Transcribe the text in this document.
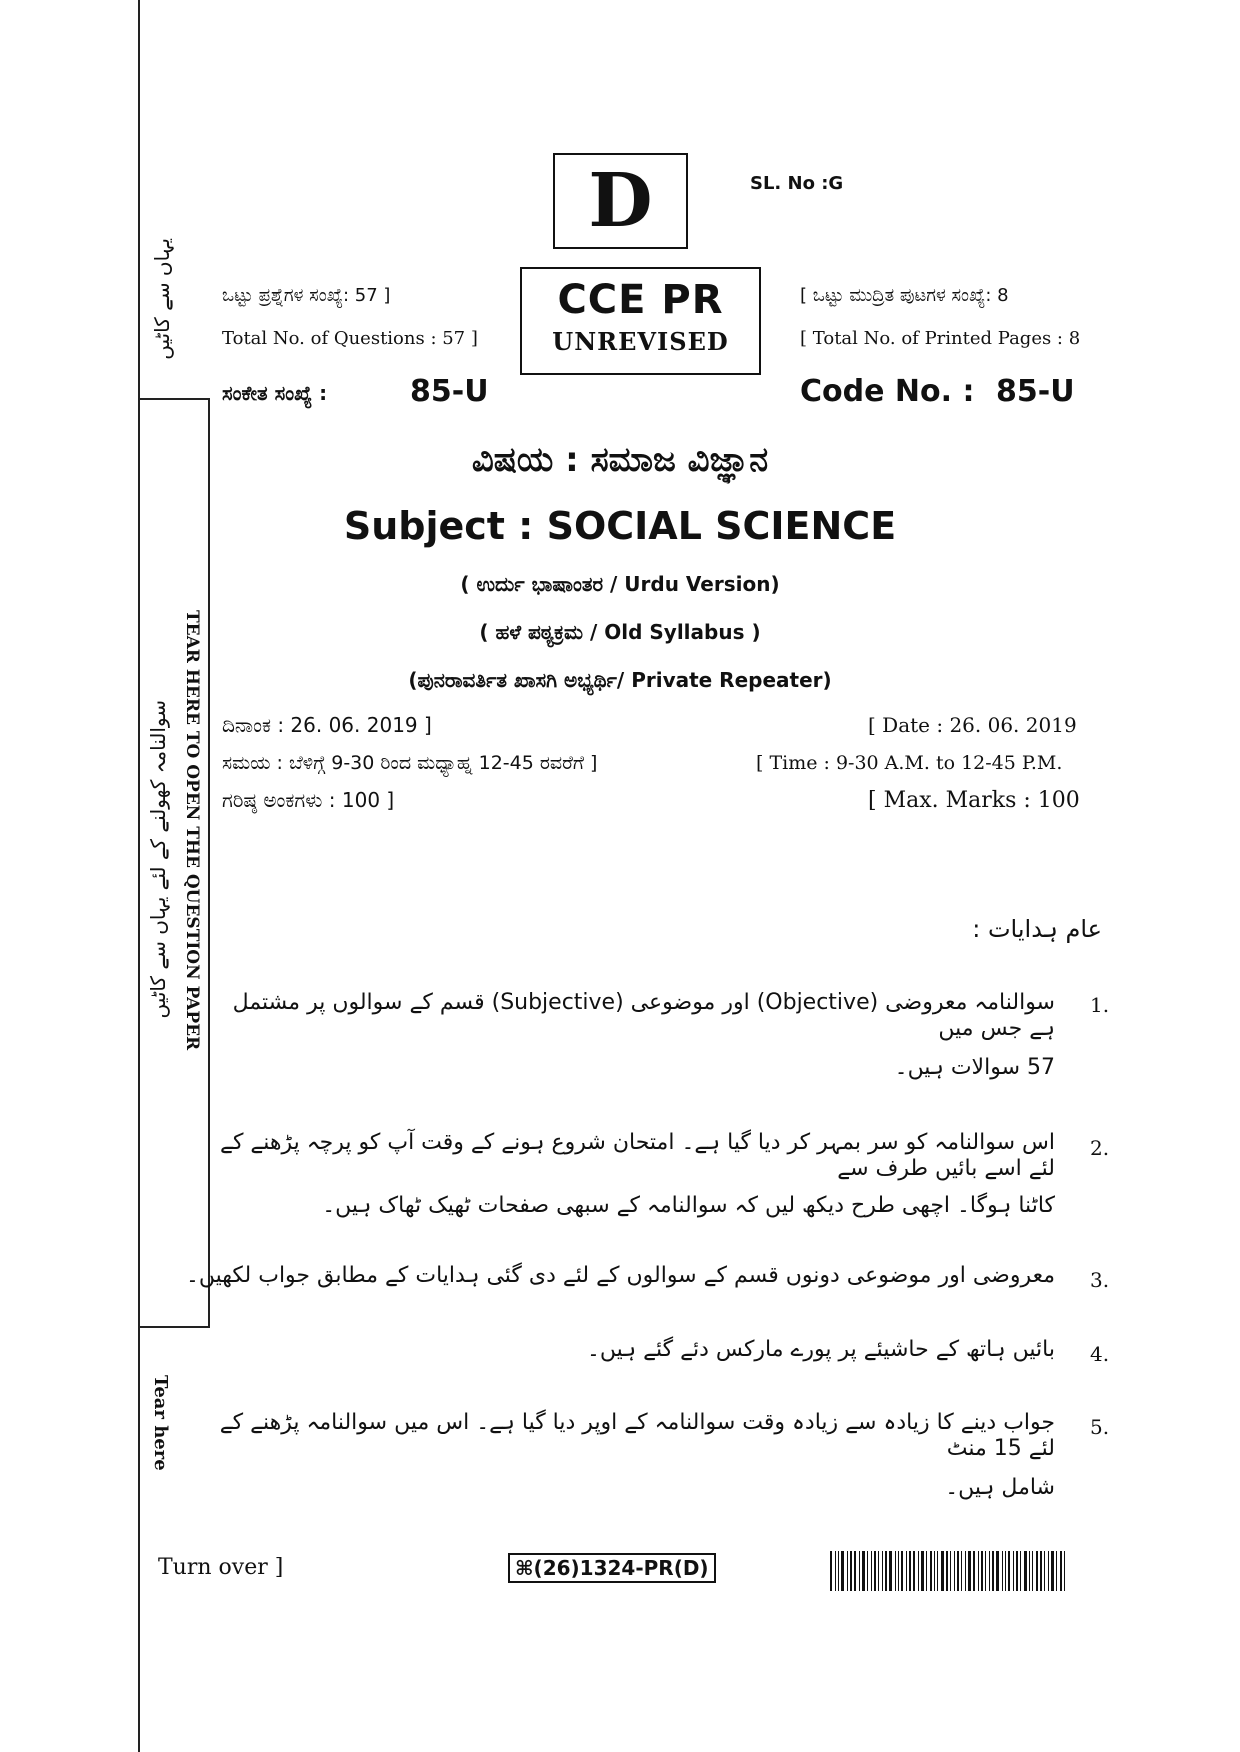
یہاں سے کاٹیں
TEAR HERE TO OPEN THE QUESTION PAPER
سوالنامہ کھولنے کے لئے یہاں سے کاٹیں
Tear here
D	SL. No :G
CCE PR
UNREVISED
ಒಟ್ಟು ಪ್ರಶ್ನೆಗಳ ಸಂಖ್ಯೆ: 57 ]
Total No. of Questions : 57 ]
ಸಂಕೇತ ಸಂಖ್ಯೆ :	85-U
[ ಒಟ್ಟು ಮುದ್ರಿತ ಪುಟಗಳ ಸಂಖ್ಯೆ: 8
[ Total No. of Printed Pages : 8
Code No. : 85-U
ವಿಷಯ : ಸಮಾಜ ವಿಜ್ಞಾನ
Subject : SOCIAL SCIENCE
( ಉರ್ದು ಭಾಷಾಂತರ / Urdu Version)
( ಹಳೆ ಪಠ್ಯಕ್ರಮ / Old Syllabus )
(ಪುನರಾವರ್ತಿತ ಖಾಸಗಿ ಅಭ್ಯರ್ಥಿ/ Private Repeater)
ದಿನಾಂಕ : 26. 06. 2019 ]	[ Date : 26. 06. 2019
ಸಮಯ : ಬೆಳಿಗ್ಗೆ 9-30 ರಿಂದ ಮಧ್ಯಾಹ್ನ 12-45 ರವರೆಗೆ ]	[ Time : 9-30 A.M. to 12-45 P.M.
ಗರಿಷ್ಠ ಅಂಕಗಳು : 100 ]	[ Max. Marks : 100
عام ہدایات :
1.
سوالنامہ معروضی (Objective) اور موضوعی (Subjective) قسم کے سوالوں پر مشتمل ہے جس میں
57 سوالات ہیں۔
2.
اس سوالنامہ کو سر بمہر کر دیا گیا ہے۔ امتحان شروع ہونے کے وقت آپ کو پرچہ پڑھنے کے لئے اسے بائیں طرف سے
کاٹنا ہوگا۔ اچھی طرح دیکھ لیں کہ سوالنامہ کے سبھی صفحات ٹھیک ٹھاک ہیں۔
3.
معروضی اور موضوعی دونوں قسم کے سوالوں کے لئے دی گئی ہدایات کے مطابق جواب لکھیں۔
4.
بائیں ہاتھ کے حاشیئے پر پورے مارکس دئے گئے ہیں۔
5.
جواب دینے کا زیادہ سے زیادہ وقت سوالنامہ کے اوپر دیا گیا ہے۔ اس میں سوالنامہ پڑھنے کے لئے 15 منٹ
شامل ہیں۔
Turn over ]	⌘(26)1324-PR(D)
